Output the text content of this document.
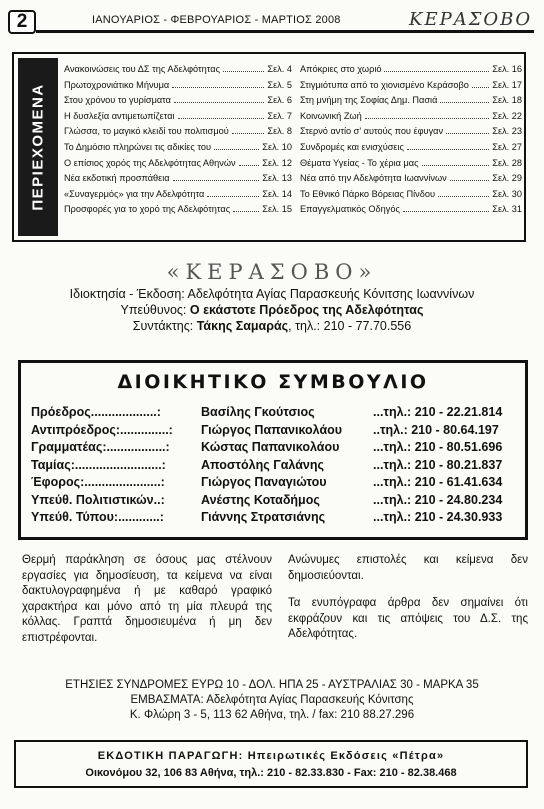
2	ΙΑΝΟΥΑΡΙΟΣ - ΦΕΒΡΟΥΑΡΙΟΣ - ΜΑΡΤΙΟΣ 2008	ΚΕΡΑΣΟΒΟ
ΠΕΡΙΕΧΟΜΕΝΑ
Ανακοινώσεις του ΔΣ της Αδελφότητας	Σελ. 4
Πρωτοχρονιάτικο Μήνυμα	Σελ. 5
Στου χρόνου το γυρίσματα	Σελ. 6
Η δυσλεξία αντιμετωπίζεται	Σελ. 7
Γλώσσα, το μαγικό κλειδί του πολιτισμού	Σελ. 8
Το Δημόσιο πληρώνει τις αδικίες του	Σελ. 10
Ο επίσιος χορός της Αδελφότητας Αθηνών	Σελ. 12
Νέα εκδοτική προσπάθεια	Σελ. 13
«Συναγερμός» για την Αδελφότητα	Σελ. 14
Προσφορές για το χορό της Αδελφότητας	Σελ. 15
Απόκριες στο χωριό	Σελ. 16
Στιγμιότυπα από το χιονισμένο Κεράσοβο	Σελ. 17
Στη μνήμη της Σοφίας Δημ. Πασιά	Σελ. 18
Κοινωνική Ζωή	Σελ. 22
Στερνό αντίο σ' αυτούς που έφυγαν	Σελ. 23
Συνδρομές και ενισχύσεις	Σελ. 27
Θέματα Υγείας - Το χέρια μας	Σελ. 28
Νέα από την Αδελφότητα Ιωαννίνων	Σελ. 29
Το Εθνικό Πάρκο Βόρειας Πίνδου	Σελ. 30
Επαγγελματικός Οδηγός	Σελ. 31
«ΚΕΡΑΣΟΒΟ»
Ιδιοκτησία - Έκδοση: Αδελφότητα Αγίας Παρασκευής Κόνιτσης Ιωαννίνων
Υπεύθυνος: Ο εκάστοτε Πρόεδρος της Αδελφότητας
Συντάκτης: Τάκης Σαμαράς, τηλ.: 210 - 77.70.556
ΔΙΟΙΚΗΤΙΚΟ ΣΥΜΒΟΥΛΙΟ
Πρόεδρος...................:	Βασίλης Γκούτσιος	...τηλ.: 210 - 22.21.814
Αντιπρόεδρος:..............:	Γιώργος Παπανικολάου	..τηλ.: 210 - 80.64.197
Γραμματέας:.................:	Κώστας Παπανικολάου	...τηλ.: 210 - 80.51.696
Ταμίας:.........................:	Αποστόλης Γαλάνης	...τηλ.: 210 - 80.21.837
Έφορος:......................:	Γιώργος Παναγιώτου	...τηλ.: 210 - 61.41.634
Υπεύθ. Πολιτιστικών..:	Ανέστης Κοταδήμος	...τηλ.: 210 - 24.80.234
Υπεύθ. Τύπου:............:	Γιάννης Στρατσιάνης	...τηλ.: 210 - 24.30.933

Θερμή παράκληση σε όσους μας στέλνουν εργασίες για δημοσίευση, τα κείμενα να είναι δακτυλογραφημένα ή με καθαρό γραφικό χαρακτήρα και μόνο από τη μία πλευρά της κόλλας. Γραπτά δημοσιευμένα ή μη δεν επιστρέφονται.

Ανώνυμες επιστολές και κείμενα δεν δημοσιεύονται.

Τα ενυπόγραφα άρθρα δεν σημαίνει ότι εκφράζουν και τις απόψεις του Δ.Σ. της Αδελφότητας.

ΕΤΗΣΙΕΣ ΣΥΝΔΡΟΜΕΣ ΕΥΡΩ 10 - ΔΟΛ. ΗΠΑ 25 - ΑΥΣΤΡΑΛΙΑΣ 30 - ΜΑΡΚΑ 35
ΕΜΒΑΣΜΑΤΑ: Αδελφότητα Αγίας Παρασκευής Κόνιτσης
Κ. Φλώρη 3 - 5, 113 62 Αθήνα, τηλ. / fax: 210 88.27.296
ΕΚΔΟΤΙΚΗ ΠΑΡΑΓΩΓΗ: Ηπειρωτικές Εκδόσεις «Πέτρα»
Οικονόμου 32, 106 83 Αθήνα, τηλ.: 210 - 82.33.830 - Fax: 210 - 82.38.468
